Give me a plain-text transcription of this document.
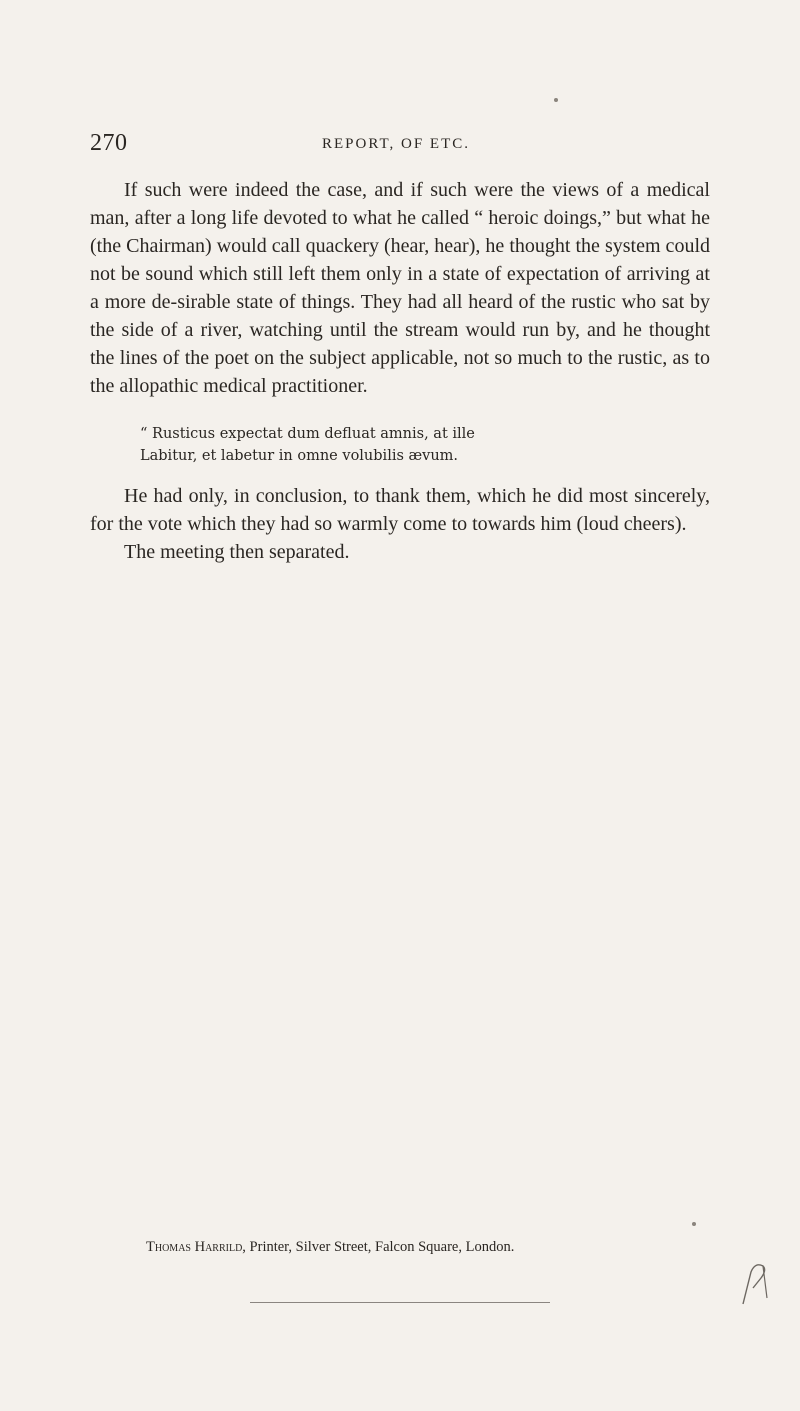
270	REPORT, OF ETC.

If such were indeed the case, and if such were the views of a medical man, after a long life devoted to what he called “ heroic doings,” but what he (the Chairman) would call quackery (hear, hear), he thought the system could not be sound which still left them only in a state of expectation of arriving at a more de-sirable state of things. They had all heard of the rustic who sat by the side of a river, watching until the stream would run by, and he thought the lines of the poet on the subject applicable, not so much to the rustic, as to the allopathic medical practitioner.

“ Rusticus expectat dum defluat amnis, at ille
Labitur, et labetur in omne volubilis ævum.

He had only, in conclusion, to thank them, which he did most sincerely, for the vote which they had so warmly come to towards him (loud cheers).

The meeting then separated.

Thomas Harrild, Printer, Silver Street, Falcon Square, London.
